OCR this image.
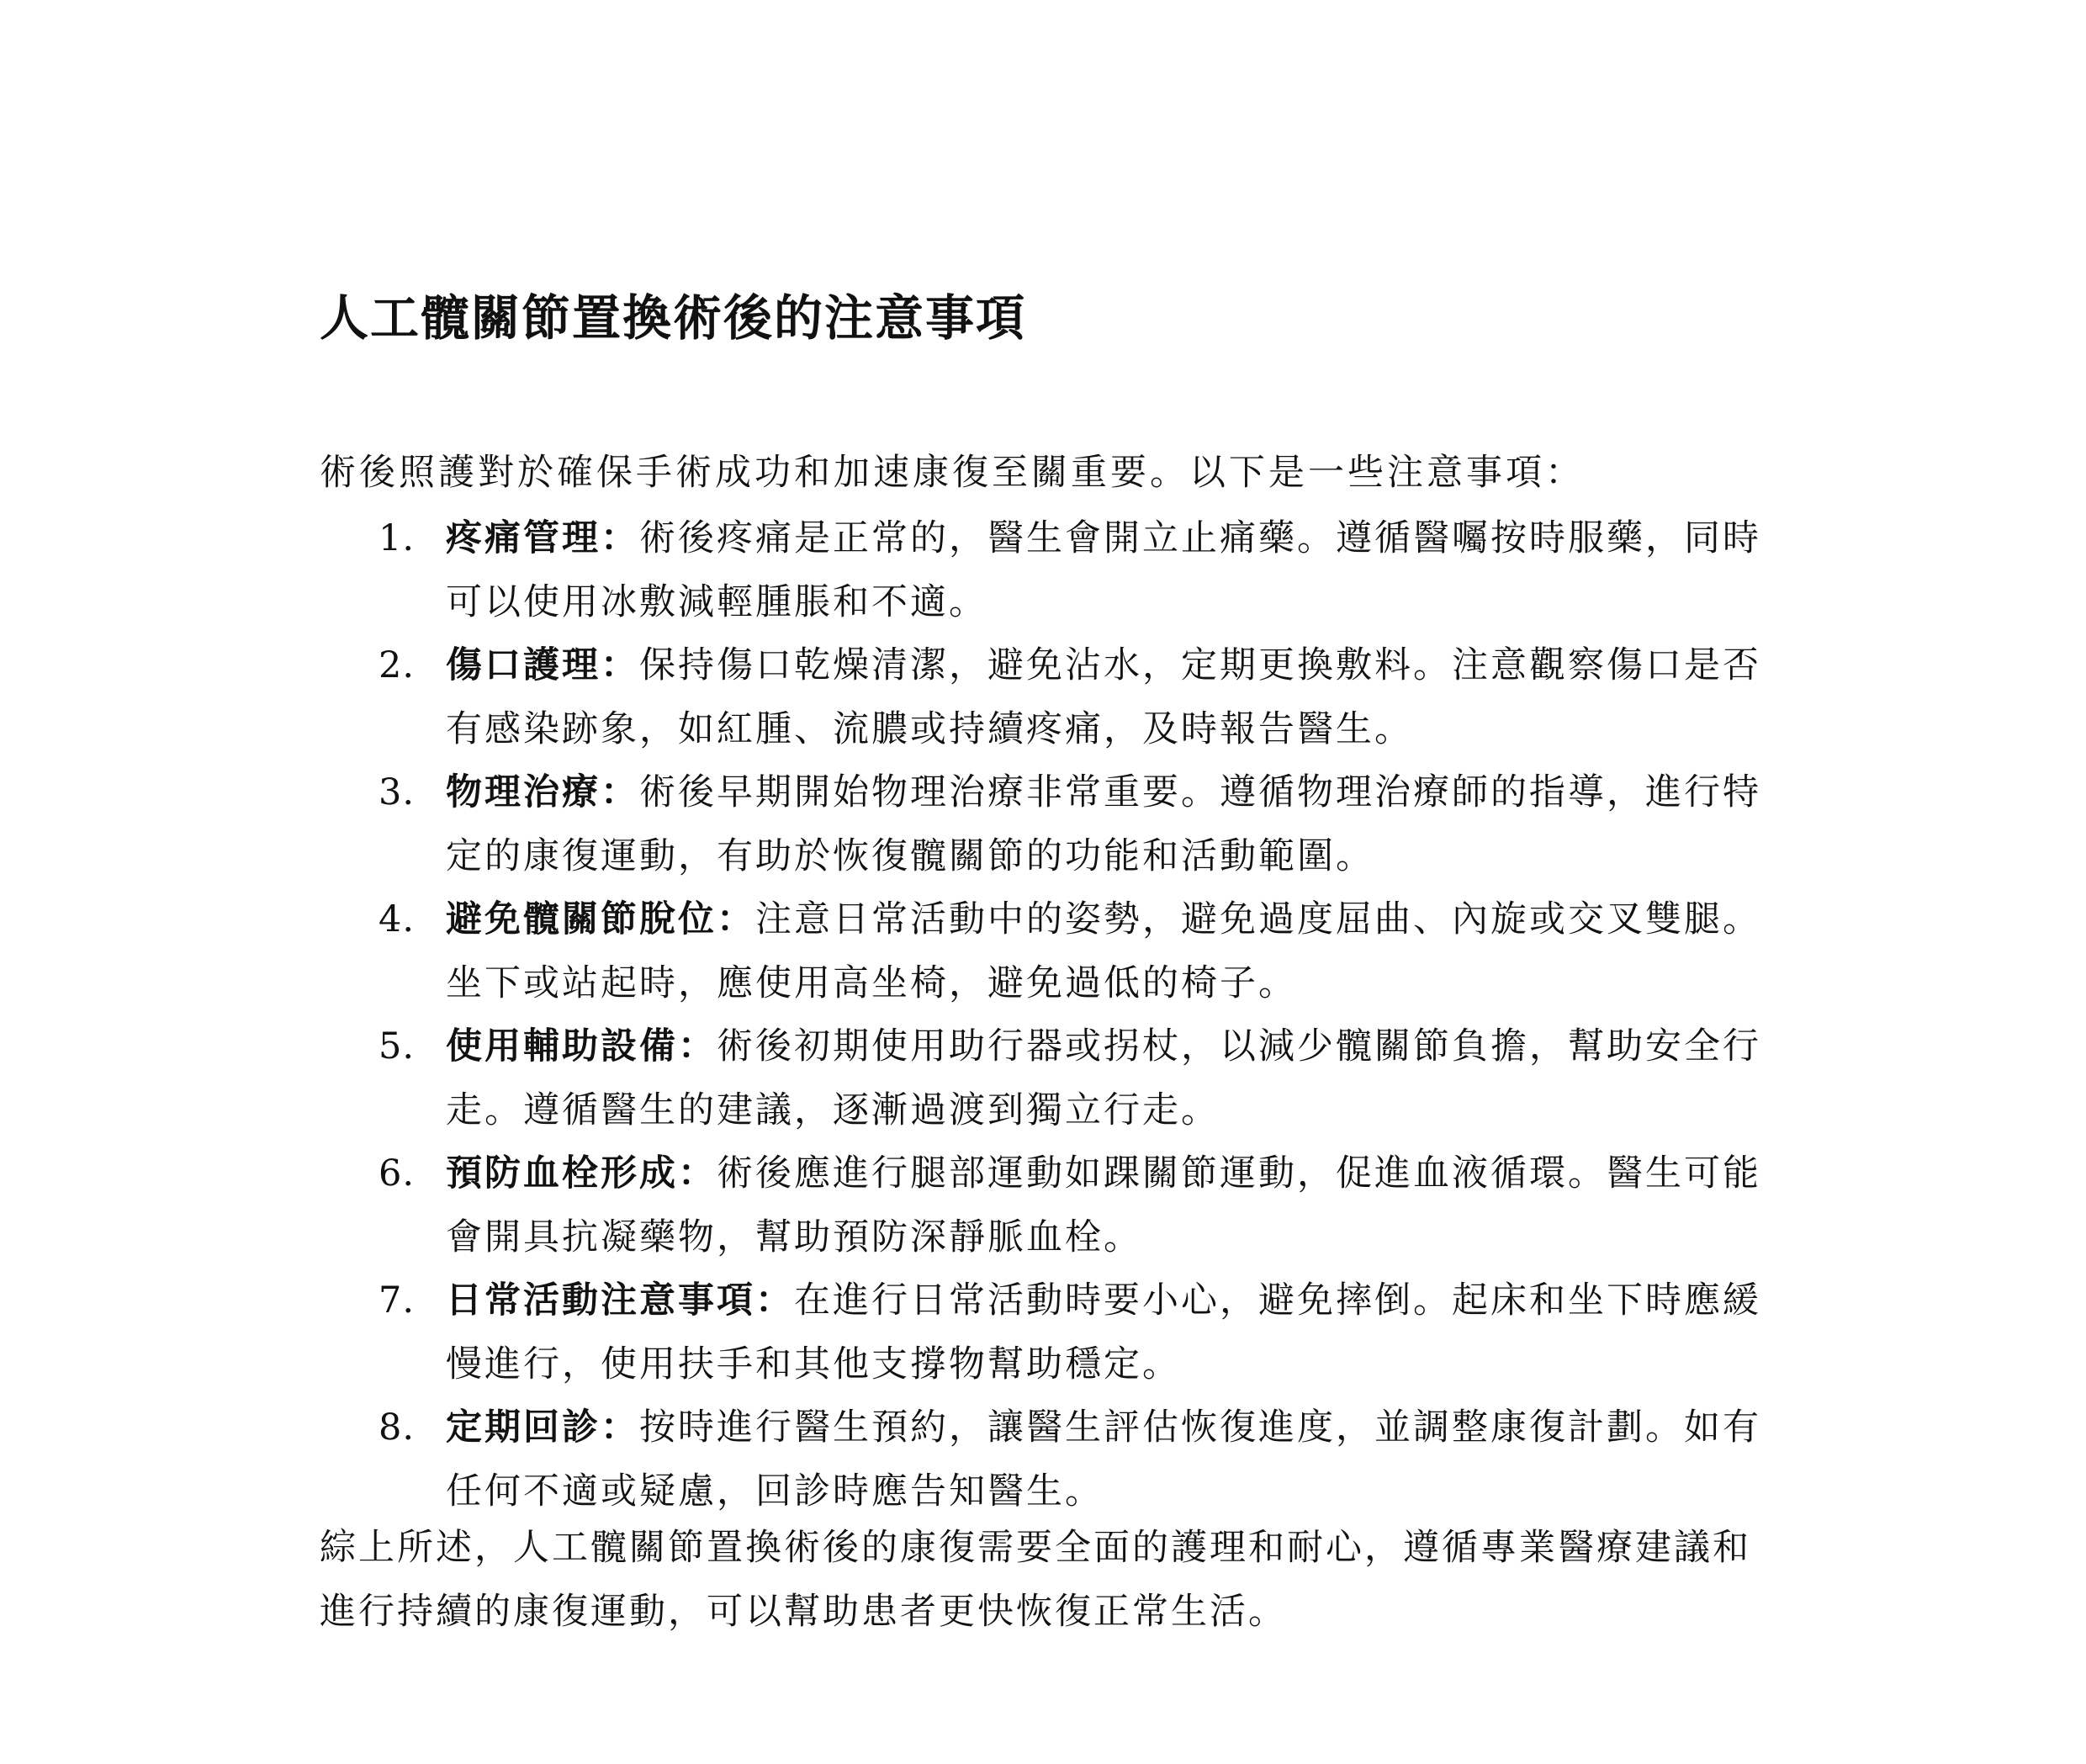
人工髖關節置換術後的注意事項

術後照護對於確保手術成功和加速康復至關重要。以下是一些注意事項：

1. 疼痛管理：術後疼痛是正常的，醫生會開立止痛藥。遵循醫囑按時服藥，同時可以使用冰敷減輕腫脹和不適。
2. 傷口護理：保持傷口乾燥清潔，避免沾水，定期更換敷料。注意觀察傷口是否有感染跡象，如紅腫、流膿或持續疼痛，及時報告醫生。
3. 物理治療：術後早期開始物理治療非常重要。遵循物理治療師的指導，進行特定的康復運動，有助於恢復髖關節的功能和活動範圍。
4. 避免髖關節脫位：注意日常活動中的姿勢，避免過度屈曲、內旋或交叉雙腿。坐下或站起時，應使用高坐椅，避免過低的椅子。
5. 使用輔助設備：術後初期使用助行器或拐杖，以減少髖關節負擔，幫助安全行走。遵循醫生的建議，逐漸過渡到獨立行走。
6. 預防血栓形成：術後應進行腿部運動如踝關節運動，促進血液循環。醫生可能會開具抗凝藥物，幫助預防深靜脈血栓。
7. 日常活動注意事項：在進行日常活動時要小心，避免摔倒。起床和坐下時應緩慢進行，使用扶手和其他支撐物幫助穩定。
8. 定期回診：按時進行醫生預約，讓醫生評估恢復進度，並調整康復計劃。如有任何不適或疑慮，回診時應告知醫生。

綜上所述，人工髖關節置換術後的康復需要全面的護理和耐心，遵循專業醫療建議和進行持續的康復運動，可以幫助患者更快恢復正常生活。
